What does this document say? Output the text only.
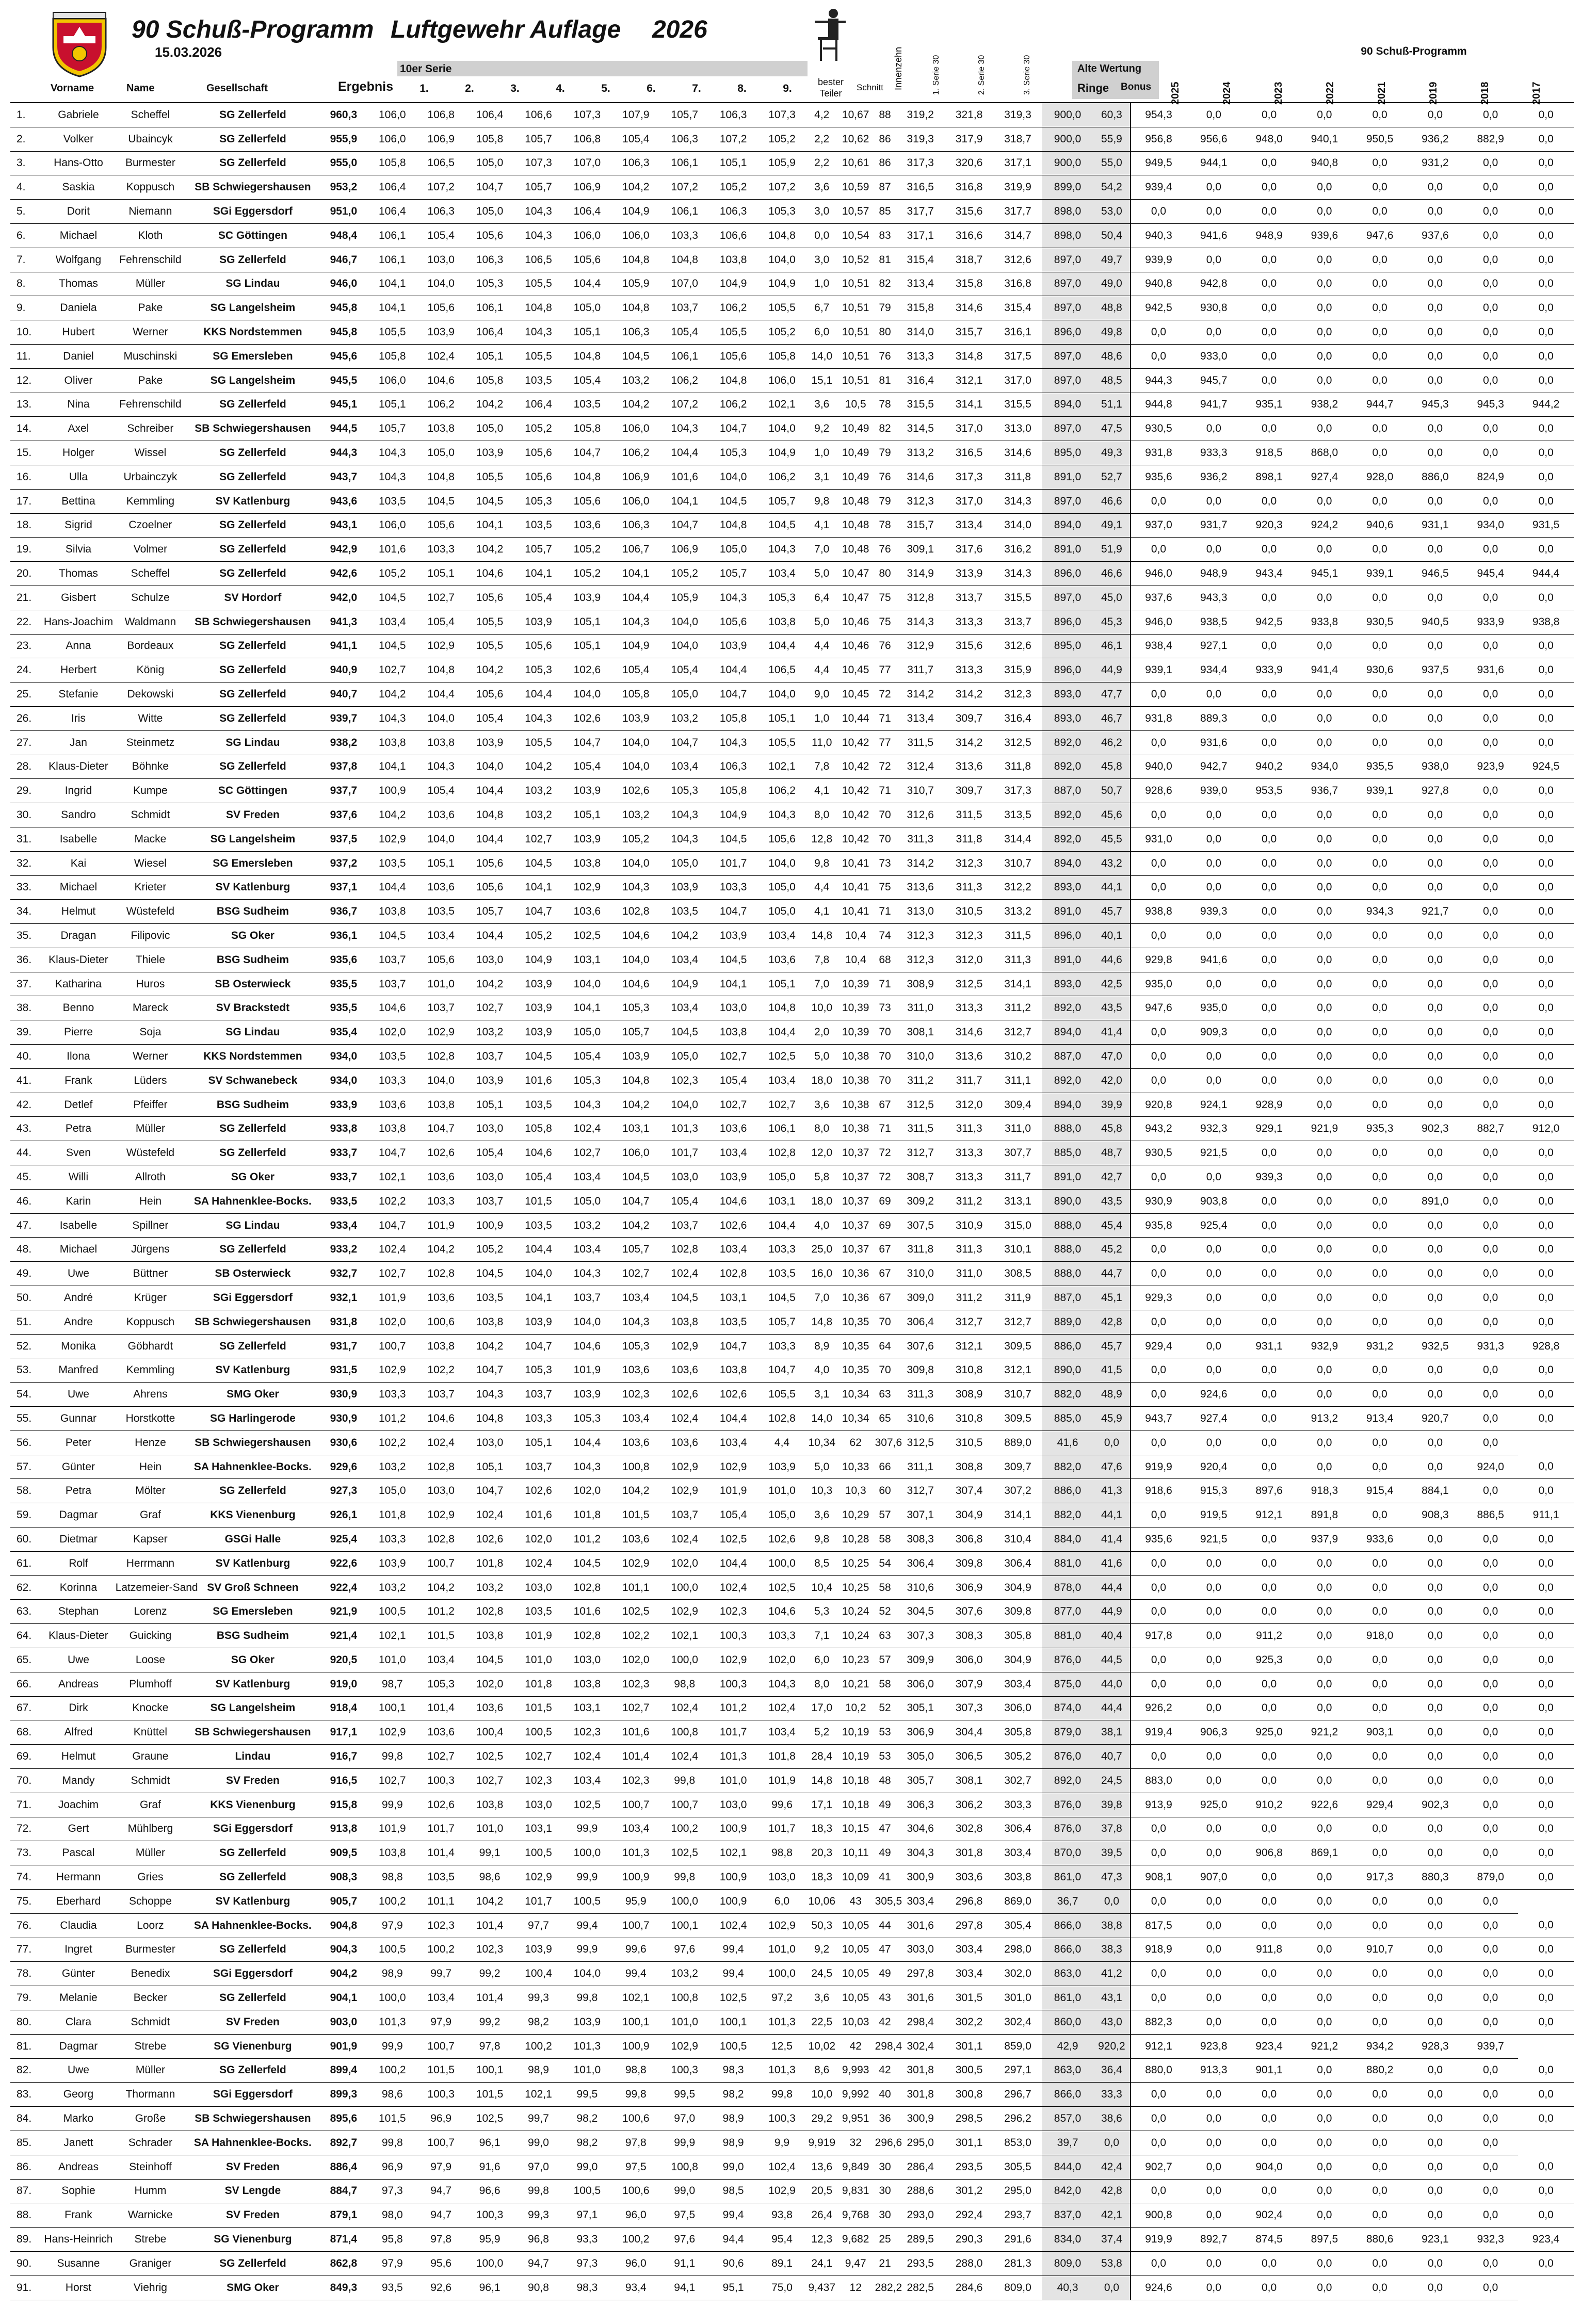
90 Schuß-Programm Luftgewehr Auflage 2026
15.03.2026
Vorname	Name	Gesellschaft	Ergebnis
10er Serie
1.	2.	3.	4.	5.	6.	7.	8.	9.
bester Teiler
Schnitt Innenzehn	1. Serie 30	2. Serie 30	3. Serie 30	Alte Wertung
Ringe Bonus
90 Schuß-Programm
2025	2024	2023	2022	2021	2019	2018	2017
1.	Gabriele	Scheffel	SG Zellerfeld	960,3	106,0	106,8	106,4	106,6	107,3	107,9	105,7	106,3	107,3	4,2	10,67	88	319,2	321,8	319,3	900,0	60,3	954,3	0,0	0,0	0,0	0,0	0,0	0,0	0,0
2.	Volker	Ubaincyk	SG Zellerfeld	955,9	106,0	106,9	105,8	105,7	106,8	105,4	106,3	107,2	105,2	2,2	10,62	86	319,3	317,9	318,7	900,0	55,9	956,8	956,6	948,0	940,1	950,5	936,2	882,9	0,0
3.	Hans-Otto	Burmester	SG Zellerfeld	955,0	105,8	106,5	105,0	107,3	107,0	106,3	106,1	105,1	105,9	2,2	10,61	86	317,3	320,6	317,1	900,0	55,0	949,5	944,1	0,0	940,8	0,0	931,2	0,0	0,0
4.	Saskia	Koppusch	SB Schwiegershausen	953,2	106,4	107,2	104,7	105,7	106,9	104,2	107,2	105,2	107,2	3,6	10,59	87	316,5	316,8	319,9	899,0	54,2	939,4	0,0	0,0	0,0	0,0	0,0	0,0	0,0
5.	Dorit	Niemann	SGi Eggersdorf	951,0	106,4	106,3	105,0	104,3	106,4	104,9	106,1	106,3	105,3	3,0	10,57	85	317,7	315,6	317,7	898,0	53,0	0,0	0,0	0,0	0,0	0,0	0,0	0,0	0,0
6.	Michael	Kloth	SC Göttingen	948,4	106,1	105,4	105,6	104,3	106,0	106,0	103,3	106,6	104,8	0,0	10,54	83	317,1	316,6	314,7	898,0	50,4	940,3	941,6	948,9	939,6	947,6	937,6	0,0	0,0
7.	Wolfgang	Fehrenschild	SG Zellerfeld	946,7	106,1	103,0	106,3	106,5	105,6	104,8	104,8	103,8	104,0	3,0	10,52	81	315,4	318,7	312,6	897,0	49,7	939,9	0,0	0,0	0,0	0,0	0,0	0,0	0,0
8.	Thomas	Müller	SG Lindau	946,0	104,1	104,0	105,3	105,5	104,4	105,9	107,0	104,9	104,9	1,0	10,51	82	313,4	315,8	316,8	897,0	49,0	940,8	942,8	0,0	0,0	0,0	0,0	0,0	0,0
9.	Daniela	Pake	SG Langelsheim	945,8	104,1	105,6	106,1	104,8	105,0	104,8	103,7	106,2	105,5	6,7	10,51	79	315,8	314,6	315,4	897,0	48,8	942,5	930,8	0,0	0,0	0,0	0,0	0,0	0,0
10.	Hubert	Werner	KKS Nordstemmen	945,8	105,5	103,9	106,4	104,3	105,1	106,3	105,4	105,5	105,2	6,0	10,51	80	314,0	315,7	316,1	896,0	49,8	0,0	0,0	0,0	0,0	0,0	0,0	0,0	0,0
11.	Daniel	Muschinski	SG Emersleben	945,6	105,8	102,4	105,1	105,5	104,8	104,5	106,1	105,6	105,8	14,0	10,51	76	313,3	314,8	317,5	897,0	48,6	0,0	933,0	0,0	0,0	0,0	0,0	0,0	0,0
12.	Oliver	Pake	SG Langelsheim	945,5	106,0	104,6	105,8	103,5	105,4	103,2	106,2	104,8	106,0	15,1	10,51	81	316,4	312,1	317,0	897,0	48,5	944,3	945,7	0,0	0,0	0,0	0,0	0,0	0,0
13.	Nina	Fehrenschild	SG Zellerfeld	945,1	105,1	106,2	104,2	106,4	103,5	104,2	107,2	106,2	102,1	3,6	10,5	78	315,5	314,1	315,5	894,0	51,1	944,8	941,7	935,1	938,2	944,7	945,3	945,3	944,2
14.	Axel	Schreiber	SB Schwiegershausen	944,5	105,7	103,8	105,0	105,2	105,8	106,0	104,3	104,7	104,0	9,2	10,49	82	314,5	317,0	313,0	897,0	47,5	930,5	0,0	0,0	0,0	0,0	0,0	0,0	0,0
15.	Holger	Wissel	SG Zellerfeld	944,3	104,3	105,0	103,9	105,6	104,7	106,2	104,4	105,3	104,9	1,0	10,49	79	313,2	316,5	314,6	895,0	49,3	931,8	933,3	918,5	868,0	0,0	0,0	0,0	0,0
16.	Ulla	Urbainczyk	SG Zellerfeld	943,7	104,3	104,8	105,5	105,6	104,8	106,9	101,6	104,0	106,2	3,1	10,49	76	314,6	317,3	311,8	891,0	52,7	935,6	936,2	898,1	927,4	928,0	886,0	824,9	0,0
17.	Bettina	Kemmling	SV Katlenburg	943,6	103,5	104,5	104,5	105,3	105,6	106,0	104,1	104,5	105,7	9,8	10,48	79	312,3	317,0	314,3	897,0	46,6	0,0	0,0	0,0	0,0	0,0	0,0	0,0	0,0
18.	Sigrid	Czoelner	SG Zellerfeld	943,1	106,0	105,6	104,1	103,5	103,6	106,3	104,7	104,8	104,5	4,1	10,48	78	315,7	313,4	314,0	894,0	49,1	937,0	931,7	920,3	924,2	940,6	931,1	934,0	931,5
19.	Silvia	Volmer	SG Zellerfeld	942,9	101,6	103,3	104,2	105,7	105,2	106,7	106,9	105,0	104,3	7,0	10,48	76	309,1	317,6	316,2	891,0	51,9	0,0	0,0	0,0	0,0	0,0	0,0	0,0	0,0
20.	Thomas	Scheffel	SG Zellerfeld	942,6	105,2	105,1	104,6	104,1	105,2	104,1	105,2	105,7	103,4	5,0	10,47	80	314,9	313,9	314,3	896,0	46,6	946,0	948,9	943,4	945,1	939,1	946,5	945,4	944,4
21.	Gisbert	Schulze	SV Hordorf	942,0	104,5	102,7	105,6	105,4	103,9	104,4	105,9	104,3	105,3	6,4	10,47	75	312,8	313,7	315,5	897,0	45,0	937,6	943,3	0,0	0,0	0,0	0,0	0,0	0,0
22.	Hans-Joachim	Waldmann	SB Schwiegershausen	941,3	103,4	105,4	105,5	103,9	105,1	104,3	104,0	105,6	103,8	5,0	10,46	75	314,3	313,3	313,7	896,0	45,3	946,0	938,5	942,5	933,8	930,5	940,5	933,9	938,8
23.	Anna	Bordeaux	SG Zellerfeld	941,1	104,5	102,9	105,5	105,6	105,1	104,9	104,0	103,9	104,4	4,4	10,46	76	312,9	315,6	312,6	895,0	46,1	938,4	927,1	0,0	0,0	0,0	0,0	0,0	0,0
24.	Herbert	König	SG Zellerfeld	940,9	102,7	104,8	104,2	105,3	102,6	105,4	105,4	104,4	106,5	4,4	10,45	77	311,7	313,3	315,9	896,0	44,9	939,1	934,4	933,9	941,4	930,6	937,5	931,6	0,0
25.	Stefanie	Dekowski	SG Zellerfeld	940,7	104,2	104,4	105,6	104,4	104,0	105,8	105,0	104,7	104,0	9,0	10,45	72	314,2	314,2	312,3	893,0	47,7	0,0	0,0	0,0	0,0	0,0	0,0	0,0	0,0
26.	Iris	Witte	SG Zellerfeld	939,7	104,3	104,0	105,4	104,3	102,6	103,9	103,2	105,8	105,1	1,0	10,44	71	313,4	309,7	316,4	893,0	46,7	931,8	889,3	0,0	0,0	0,0	0,0	0,0	0,0
27.	Jan	Steinmetz	SG Lindau	938,2	103,8	103,8	103,9	105,5	104,7	104,0	104,7	104,3	105,5	11,0	10,42	77	311,5	314,2	312,5	892,0	46,2	0,0	931,6	0,0	0,0	0,0	0,0	0,0	0,0
28.	Klaus-Dieter	Böhnke	SG Zellerfeld	937,8	104,1	104,3	104,0	104,2	105,4	104,0	103,4	106,3	102,1	7,8	10,42	72	312,4	313,6	311,8	892,0	45,8	940,0	942,7	940,2	934,0	935,5	938,0	923,9	924,5
29.	Ingrid	Kumpe	SC Göttingen	937,7	100,9	105,4	104,4	103,2	103,9	102,6	105,3	105,8	106,2	4,1	10,42	71	310,7	309,7	317,3	887,0	50,7	928,6	939,0	953,5	936,7	939,1	927,8	0,0	0,0
30.	Sandro	Schmidt	SV Freden	937,6	104,2	103,6	104,8	103,2	105,1	103,2	104,3	104,9	104,3	8,0	10,42	70	312,6	311,5	313,5	892,0	45,6	0,0	0,0	0,0	0,0	0,0	0,0	0,0	0,0
31.	Isabelle	Macke	SG Langelsheim	937,5	102,9	104,0	104,4	102,7	103,9	105,2	104,3	104,5	105,6	12,8	10,42	70	311,3	311,8	314,4	892,0	45,5	931,0	0,0	0,0	0,0	0,0	0,0	0,0	0,0
32.	Kai	Wiesel	SG Emersleben	937,2	103,5	105,1	105,6	104,5	103,8	104,0	105,0	101,7	104,0	9,8	10,41	73	314,2	312,3	310,7	894,0	43,2	0,0	0,0	0,0	0,0	0,0	0,0	0,0	0,0
33.	Michael	Krieter	SV Katlenburg	937,1	104,4	103,6	105,6	104,1	102,9	104,3	103,9	103,3	105,0	4,4	10,41	75	313,6	311,3	312,2	893,0	44,1	0,0	0,0	0,0	0,0	0,0	0,0	0,0	0,0
34.	Helmut	Wüstefeld	BSG Sudheim	936,7	103,8	103,5	105,7	104,7	103,6	102,8	103,5	104,7	105,0	4,1	10,41	71	313,0	310,5	313,2	891,0	45,7	938,8	939,3	0,0	0,0	934,3	921,7	0,0	0,0
35.	Dragan	Filipovic	SG Oker	936,1	104,5	103,4	104,4	105,2	102,5	104,6	104,2	103,9	103,4	14,8	10,4	74	312,3	312,3	311,5	896,0	40,1	0,0	0,0	0,0	0,0	0,0	0,0	0,0	0,0
36.	Klaus-Dieter	Thiele	BSG Sudheim	935,6	103,7	105,6	103,0	104,9	103,1	104,0	103,4	104,5	103,6	7,8	10,4	68	312,3	312,0	311,3	891,0	44,6	929,8	941,6	0,0	0,0	0,0	0,0	0,0	0,0
37.	Katharina	Huros	SB Osterwieck	935,5	103,7	101,0	104,2	103,9	104,0	104,6	104,9	104,1	105,1	7,0	10,39	71	308,9	312,5	314,1	893,0	42,5	935,0	0,0	0,0	0,0	0,0	0,0	0,0	0,0
38.	Benno	Mareck	SV Brackstedt	935,5	104,6	103,7	102,7	103,9	104,1	105,3	103,4	103,0	104,8	10,0	10,39	73	311,0	313,3	311,2	892,0	43,5	947,6	935,0	0,0	0,0	0,0	0,0	0,0	0,0
39.	Pierre	Soja	SG Lindau	935,4	102,0	102,9	103,2	103,9	105,0	105,7	104,5	103,8	104,4	2,0	10,39	70	308,1	314,6	312,7	894,0	41,4	0,0	909,3	0,0	0,0	0,0	0,0	0,0	0,0
40.	Ilona	Werner	KKS Nordstemmen	934,0	103,5	102,8	103,7	104,5	105,4	103,9	105,0	102,7	102,5	5,0	10,38	70	310,0	313,6	310,2	887,0	47,0	0,0	0,0	0,0	0,0	0,0	0,0	0,0	0,0
41.	Frank	Lüders	SV Schwanebeck	934,0	103,3	104,0	103,9	101,6	105,3	104,8	102,3	105,4	103,4	18,0	10,38	70	311,2	311,7	311,1	892,0	42,0	0,0	0,0	0,0	0,0	0,0	0,0	0,0	0,0
42.	Detlef	Pfeiffer	BSG Sudheim	933,9	103,6	103,8	105,1	103,5	104,3	104,2	104,0	102,7	102,7	3,6	10,38	67	312,5	312,0	309,4	894,0	39,9	920,8	924,1	928,9	0,0	0,0	0,0	0,0	0,0
43.	Petra	Müller	SG Zellerfeld	933,8	103,8	104,7	103,0	105,8	102,4	103,1	101,3	103,6	106,1	8,0	10,38	71	311,5	311,3	311,0	888,0	45,8	943,2	932,3	929,1	921,9	935,3	902,3	882,7	912,0
44.	Sven	Wüstefeld	SG Zellerfeld	933,7	104,7	102,6	105,4	104,6	102,7	106,0	101,7	103,4	102,8	12,0	10,37	72	312,7	313,3	307,7	885,0	48,7	930,5	921,5	0,0	0,0	0,0	0,0	0,0	0,0
45.	Willi	Allroth	SG Oker	933,7	102,1	103,6	103,0	105,4	103,4	104,5	103,0	103,9	105,0	5,8	10,37	72	308,7	313,3	311,7	891,0	42,7	0,0	0,0	939,3	0,0	0,0	0,0	0,0	0,0
46.	Karin	Hein	SA Hahnenklee-Bocks.	933,5	102,2	103,3	103,7	101,5	105,0	104,7	105,4	104,6	103,1	18,0	10,37	69	309,2	311,2	313,1	890,0	43,5	930,9	903,8	0,0	0,0	0,0	891,0	0,0	0,0
47.	Isabelle	Spillner	SG Lindau	933,4	104,7	101,9	100,9	103,5	103,2	104,2	103,7	102,6	104,4	4,0	10,37	69	307,5	310,9	315,0	888,0	45,4	935,8	925,4	0,0	0,0	0,0	0,0	0,0	0,0
48.	Michael	Jürgens	SG Zellerfeld	933,2	102,4	104,2	105,2	104,4	103,4	105,7	102,8	103,4	103,3	25,0	10,37	67	311,8	311,3	310,1	888,0	45,2	0,0	0,0	0,0	0,0	0,0	0,0	0,0	0,0
49.	Uwe	Büttner	SB Osterwieck	932,7	102,7	102,8	104,5	104,0	104,3	102,7	102,4	102,8	103,5	16,0	10,36	67	310,0	311,0	308,5	888,0	44,7	0,0	0,0	0,0	0,0	0,0	0,0	0,0	0,0
50.	André	Krüger	SGi Eggersdorf	932,1	101,9	103,6	103,5	104,1	103,7	103,4	104,5	103,1	104,5	7,0	10,36	67	309,0	311,2	311,9	887,0	45,1	929,3	0,0	0,0	0,0	0,0	0,0	0,0	0,0
51.	Andre	Koppusch	SB Schwiegershausen	931,8	102,0	100,6	103,8	103,9	104,0	104,3	103,8	103,5	105,7	14,8	10,35	70	306,4	312,7	312,7	889,0	42,8	0,0	0,0	0,0	0,0	0,0	0,0	0,0	0,0
52.	Monika	Göbhardt	SG Zellerfeld	931,7	100,7	103,8	104,2	104,7	104,6	105,3	102,9	104,7	103,3	8,9	10,35	64	307,6	312,1	309,5	886,0	45,7	929,4	0,0	931,1	932,9	931,2	932,5	931,3	928,8
53.	Manfred	Kemmling	SV Katlenburg	931,5	102,9	102,2	104,7	105,3	101,9	103,6	103,6	103,8	104,7	4,0	10,35	70	309,8	310,8	312,1	890,0	41,5	0,0	0,0	0,0	0,0	0,0	0,0	0,0	0,0
54.	Uwe	Ahrens	SMG Oker	930,9	103,3	103,7	104,3	103,7	103,9	102,3	102,6	102,6	105,5	3,1	10,34	63	311,3	308,9	310,7	882,0	48,9	0,0	924,6	0,0	0,0	0,0	0,0	0,0	0,0
55.	Gunnar	Horstkotte	SG Harlingerode	930,9	101,2	104,6	104,8	103,3	105,3	103,4	102,4	104,4	102,8	14,0	10,34	65	310,6	310,8	309,5	885,0	45,9	943,7	927,4	0,0	913,2	913,4	920,7	0,0	0,0
56.	Peter	Henze	SB Schwiegershausen	930,6	102,2	102,4	103,0	105,1	104,4	103,6	103,6	103,4	4,4	10,34	62	307,6	312,5	310,5	889,0	41,6	0,0	0,0	0,0	0,0	0,0	0,0	0,0	0,0	
57.	Günter	Hein	SA Hahnenklee-Bocks.	929,6	103,2	102,8	105,1	103,7	104,3	100,8	102,9	102,9	103,9	5,0	10,33	66	311,1	308,8	309,7	882,0	47,6	919,9	920,4	0,0	0,0	0,0	0,0	924,0	0,0
58.	Petra	Mölter	SG Zellerfeld	927,3	105,0	103,0	104,7	102,6	102,0	104,2	102,9	101,9	101,0	10,3	10,3	60	312,7	307,4	307,2	886,0	41,3	918,6	915,3	897,6	918,3	915,4	884,1	0,0	0,0
59.	Dagmar	Graf	KKS Vienenburg	926,1	101,8	102,9	102,4	101,6	101,8	101,5	103,7	105,4	105,0	3,6	10,29	57	307,1	304,9	314,1	882,0	44,1	0,0	919,5	912,1	891,8	0,0	908,3	886,5	911,1
60.	Dietmar	Kapser	GSGi Halle	925,4	103,3	102,8	102,6	102,0	101,2	103,6	102,4	102,5	102,6	9,8	10,28	58	308,3	306,8	310,4	884,0	41,4	935,6	921,5	0,0	937,9	933,6	0,0	0,0	0,0
61.	Rolf	Herrmann	SV Katlenburg	922,6	103,9	100,7	101,8	102,4	104,5	102,9	102,0	104,4	100,0	8,5	10,25	54	306,4	309,8	306,4	881,0	41,6	0,0	0,0	0,0	0,0	0,0	0,0	0,0	0,0
62.	Korinna	Latzemeier-Sand	SV Groß Schneen	922,4	103,2	104,2	103,2	103,0	102,8	101,1	100,0	102,4	102,5	10,4	10,25	58	310,6	306,9	304,9	878,0	44,4	0,0	0,0	0,0	0,0	0,0	0,0	0,0	0,0
63.	Stephan	Lorenz	SG Emersleben	921,9	100,5	101,2	102,8	103,5	101,6	102,5	102,9	102,3	104,6	5,3	10,24	52	304,5	307,6	309,8	877,0	44,9	0,0	0,0	0,0	0,0	0,0	0,0	0,0	0,0
64.	Klaus-Dieter	Guicking	BSG Sudheim	921,4	102,1	101,5	103,8	101,9	102,8	102,2	102,1	100,3	103,3	7,1	10,24	63	307,3	308,3	305,8	881,0	40,4	917,8	0,0	911,2	0,0	918,0	0,0	0,0	0,0
65.	Uwe	Loose	SG Oker	920,5	101,0	103,4	104,5	101,0	103,0	102,0	100,0	102,9	102,0	6,0	10,23	57	309,9	306,0	304,9	876,0	44,5	0,0	0,0	925,3	0,0	0,0	0,0	0,0	0,0
66.	Andreas	Plumhoff	SV Katlenburg	919,0	98,7	105,3	102,0	101,8	103,8	102,3	98,8	100,3	104,3	8,0	10,21	58	306,0	307,9	303,4	875,0	44,0	0,0	0,0	0,0	0,0	0,0	0,0	0,0	0,0
67.	Dirk	Knocke	SG Langelsheim	918,4	100,1	101,4	103,6	101,5	103,1	102,7	102,4	101,2	102,4	17,0	10,2	52	305,1	307,3	306,0	874,0	44,4	926,2	0,0	0,0	0,0	0,0	0,0	0,0	0,0
68.	Alfred	Knüttel	SB Schwiegershausen	917,1	102,9	103,6	100,4	100,5	102,3	101,6	100,8	101,7	103,4	5,2	10,19	53	306,9	304,4	305,8	879,0	38,1	919,4	906,3	925,0	921,2	903,1	0,0	0,0	0,0
69.	Helmut	Graune	Lindau	916,7	99,8	102,7	102,5	102,7	102,4	101,4	102,4	101,3	101,8	28,4	10,19	53	305,0	306,5	305,2	876,0	40,7	0,0	0,0	0,0	0,0	0,0	0,0	0,0	0,0
70.	Mandy	Schmidt	SV Freden	916,5	102,7	100,3	102,7	102,3	103,4	102,3	99,8	101,0	101,9	14,8	10,18	48	305,7	308,1	302,7	892,0	24,5	883,0	0,0	0,0	0,0	0,0	0,0	0,0	0,0
71.	Joachim	Graf	KKS Vienenburg	915,8	99,9	102,6	103,8	103,0	102,5	100,7	100,7	103,0	99,6	17,1	10,18	49	306,3	306,2	303,3	876,0	39,8	913,9	925,0	910,2	922,6	929,4	902,3	0,0	0,0
72.	Gert	Mühlberg	SGi Eggersdorf	913,8	101,9	101,7	101,0	103,1	99,9	103,4	100,2	100,9	101,7	18,3	10,15	47	304,6	302,8	306,4	876,0	37,8	0,0	0,0	0,0	0,0	0,0	0,0	0,0	0,0
73.	Pascal	Müller	SG Zellerfeld	909,5	103,8	101,4	99,1	100,5	100,0	101,3	102,5	102,1	98,8	20,3	10,11	49	304,3	301,8	303,4	870,0	39,5	0,0	0,0	906,8	869,1	0,0	0,0	0,0	0,0
74.	Hermann	Gries	SG Zellerfeld	908,3	98,8	103,5	98,6	102,9	99,9	100,9	99,8	100,9	103,0	18,3	10,09	41	300,9	303,6	303,8	861,0	47,3	908,1	907,0	0,0	0,0	917,3	880,3	879,0	0,0
75.	Eberhard	Schoppe	SV Katlenburg	905,7	100,2	101,1	104,2	101,7	100,5	95,9	100,0	100,9	6,0	10,06	43	305,5	303,4	296,8	869,0	36,7	0,0	0,0	0,0	0,0	0,0	0,0	0,0	0,0	
76.	Claudia	Loorz	SA Hahnenklee-Bocks.	904,8	97,9	102,3	101,4	97,7	99,4	100,7	100,1	102,4	102,9	50,3	10,05	44	301,6	297,8	305,4	866,0	38,8	817,5	0,0	0,0	0,0	0,0	0,0	0,0	0,0
77.	Ingret	Burmester	SG Zellerfeld	904,3	100,5	100,2	102,3	103,9	99,9	99,6	97,6	99,4	101,0	9,2	10,05	47	303,0	303,4	298,0	866,0	38,3	918,9	0,0	911,8	0,0	910,7	0,0	0,0	0,0
78.	Günter	Benedix	SGi Eggersdorf	904,2	98,9	99,7	99,2	100,4	104,0	99,4	103,2	99,4	100,0	24,5	10,05	49	297,8	303,4	302,0	863,0	41,2	0,0	0,0	0,0	0,0	0,0	0,0	0,0	0,0
79.	Melanie	Becker	SG Zellerfeld	904,1	100,0	103,4	101,4	99,3	99,8	102,1	100,8	102,5	97,2	3,6	10,05	43	301,6	301,5	301,0	861,0	43,1	0,0	0,0	0,0	0,0	0,0	0,0	0,0	0,0
80.	Clara	Schmidt	SV Freden	903,0	101,3	97,9	99,2	98,2	103,9	100,1	101,0	100,1	101,3	22,5	10,03	42	298,4	302,2	302,4	860,0	43,0	882,3	0,0	0,0	0,0	0,0	0,0	0,0	0,0
81.	Dagmar	Strebe	SG Vienenburg	901,9	99,9	100,7	97,8	100,2	101,3	100,9	102,9	100,5	12,5	10,02	42	298,4	302,4	301,1	859,0	42,9	920,2	912,1	923,8	923,4	921,2	934,2	928,3	939,7	
82.	Uwe	Müller	SG Zellerfeld	899,4	100,2	101,5	100,1	98,9	101,0	98,8	100,3	98,3	101,3	8,6	9,993	42	301,8	300,5	297,1	863,0	36,4	880,0	913,3	901,1	0,0	880,2	0,0	0,0	0,0
83.	Georg	Thormann	SGi Eggersdorf	899,3	98,6	100,3	101,5	102,1	99,5	99,8	99,5	98,2	99,8	10,0	9,992	40	301,8	300,8	296,7	866,0	33,3	0,0	0,0	0,0	0,0	0,0	0,0	0,0	0,0
84.	Marko	Große	SB Schwiegershausen	895,6	101,5	96,9	102,5	99,7	98,2	100,6	97,0	98,9	100,3	29,2	9,951	36	300,9	298,5	296,2	857,0	38,6	0,0	0,0	0,0	0,0	0,0	0,0	0,0	0,0
85.	Janett	Schrader	SA Hahnenklee-Bocks.	892,7	99,8	100,7	96,1	99,0	98,2	97,8	99,9	98,9	9,9	9,919	32	296,6	295,0	301,1	853,0	39,7	0,0	0,0	0,0	0,0	0,0	0,0	0,0	0,0	
86.	Andreas	Steinhoff	SV Freden	886,4	96,9	97,9	91,6	97,0	99,0	97,5	100,8	99,0	102,4	13,6	9,849	30	286,4	293,5	305,5	844,0	42,4	902,7	0,0	904,0	0,0	0,0	0,0	0,0	0,0
87.	Sophie	Humm	SV Lengde	884,7	97,3	94,7	96,6	99,8	100,5	100,6	99,0	98,5	102,9	20,5	9,831	30	288,6	301,2	295,0	842,0	42,8	0,0	0,0	0,0	0,0	0,0	0,0	0,0	0,0
88.	Frank	Warnicke	SV Freden	879,1	98,0	94,7	100,3	99,3	97,1	96,0	97,5	99,4	93,8	26,4	9,768	30	293,0	292,4	293,7	837,0	42,1	900,8	0,0	902,4	0,0	0,0	0,0	0,0	0,0
89.	Hans-Heinrich	Strebe	SG Vienenburg	871,4	95,8	97,8	95,9	96,8	93,3	100,2	97,6	94,4	95,4	12,3	9,682	25	289,5	290,3	291,6	834,0	37,4	919,9	892,7	874,5	897,5	880,6	923,1	932,3	923,4
90.	Susanne	Graniger	SG Zellerfeld	862,8	97,9	95,6	100,0	94,7	97,3	96,0	91,1	90,6	89,1	24,1	9,47	21	293,5	288,0	281,3	809,0	53,8	0,0	0,0	0,0	0,0	0,0	0,0	0,0	0,0
91.	Horst	Viehrig	SMG Oker	849,3	93,5	92,6	96,1	90,8	98,3	93,4	94,1	95,1	75,0	9,437	12	282,2	282,5	284,6	809,0	40,3	0,0	924,6	0,0	0,0	0,0	0,0	0,0	0,0	
